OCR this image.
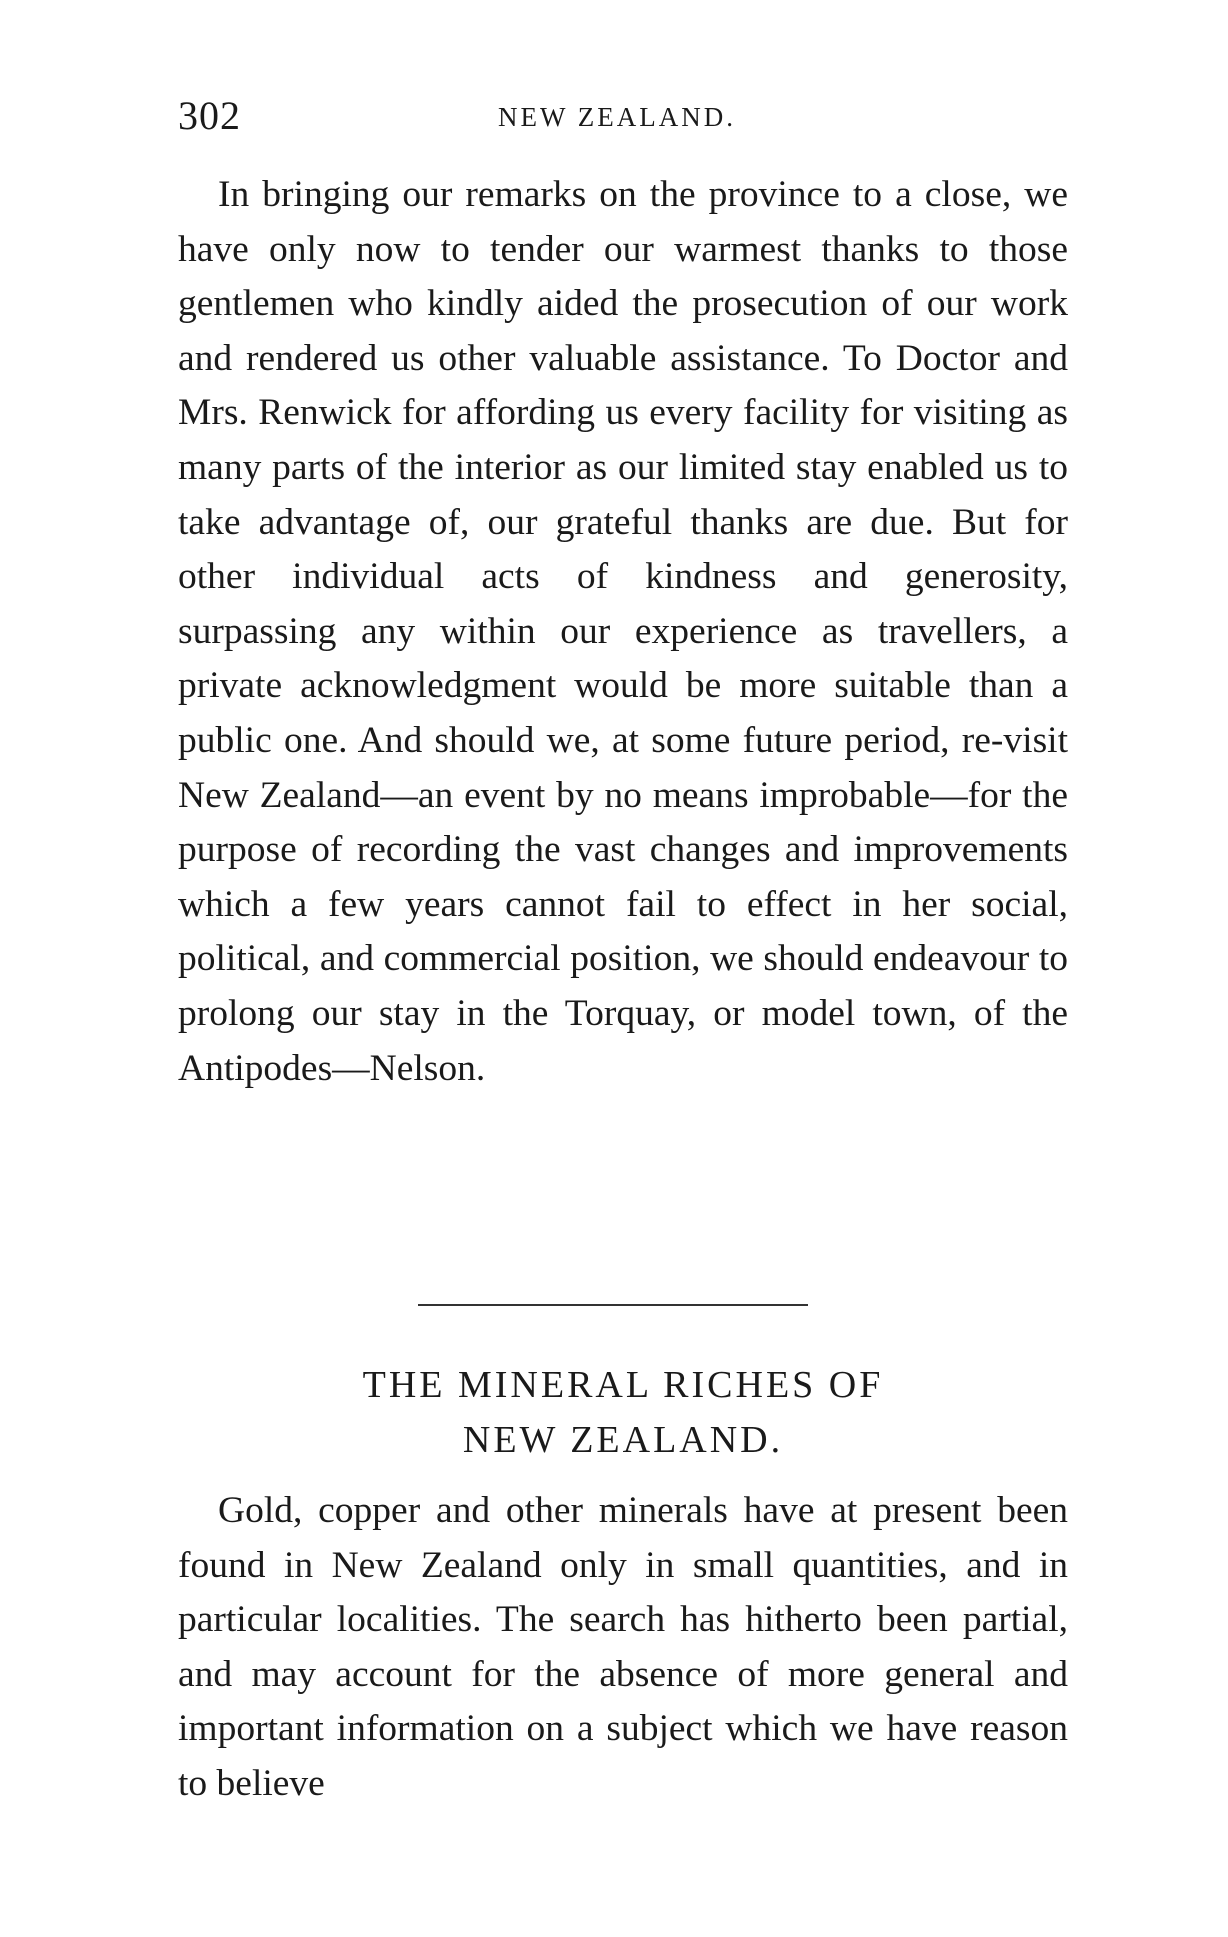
302	NEW ZEALAND.

In bringing our remarks on the province to a close, we have only now to tender our warmest thanks to those gentlemen who kindly aided the prosecution of our work and rendered us other valuable assistance. To Doctor and Mrs. Renwick for affording us every facility for visiting as many parts of the interior as our limited stay enabled us to take advantage of, our grateful thanks are due. But for other individual acts of kindness and generosity, surpassing any within our experience as travellers, a private acknowledgment would be more suitable than a public one. And should we, at some future period, re-visit New Zealand—an event by no means improbable—for the purpose of recording the vast changes and improvements which a few years cannot fail to effect in her social, political, and commercial position, we should endeavour to prolong our stay in the Torquay, or model town, of the Antipodes—Nelson.

THE MINERAL RICHES OF
NEW ZEALAND.

Gold, copper and other minerals have at present been found in New Zealand only in small quantities, and in particular localities. The search has hitherto been partial, and may account for the absence of more general and important information on a subject which we have reason to believe
